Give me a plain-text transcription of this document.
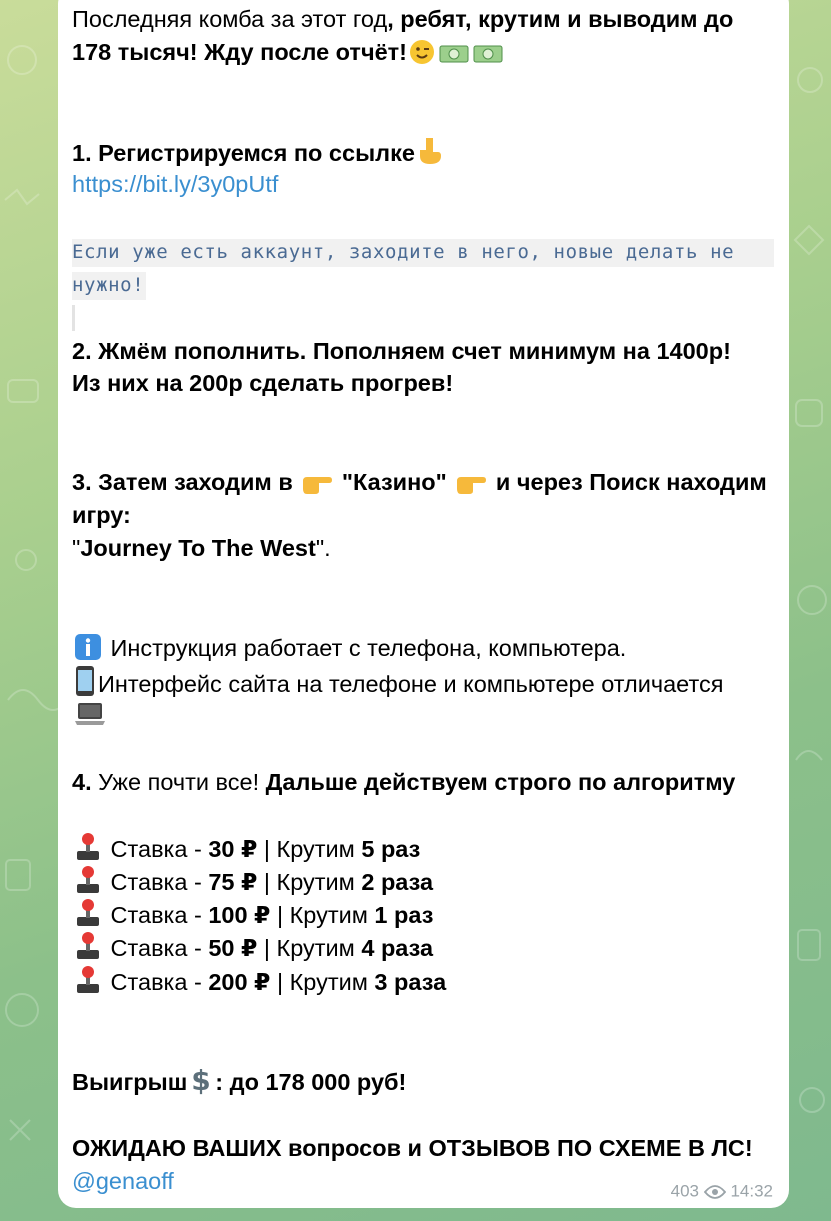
Последняя комба за этот год, ребят, крутим и выводим до
178 тысяч! Жду после отчёт!
1. Регистрируемся по ссылке
https://bit.ly/3y0pUtf
Если уже есть аккаунт, заходите в него, новые делать не
нужно!
2. Жмём пополнить. Пополняем счет минимум на 1400р!
Из них на 200р сделать прогрев!
3. Затем заходим в "Казино" и через Поиск находим
игру:
"Journey To The West".
Инструкция работает с телефона, компьютера.
Интерфейс сайта на телефоне и компьютере отличается
4. Уже почти все! Дальше действуем строго по алгоритму
Ставка - 30 ₽ | Крутим 5 раз
Ставка - 75 ₽ | Крутим 2 раза
Ставка - 100 ₽ | Крутим 1 раз
Ставка - 50 ₽ | Крутим 4 раза
Ставка - 200 ₽ | Крутим 3 раза
Выигрыш $ : до 178 000 руб!
ОЖИДАЮ ВАШИХ вопросов и ОТЗЫВОВ ПО СХЕМЕ В ЛС!
@genaoff	403 14:32
